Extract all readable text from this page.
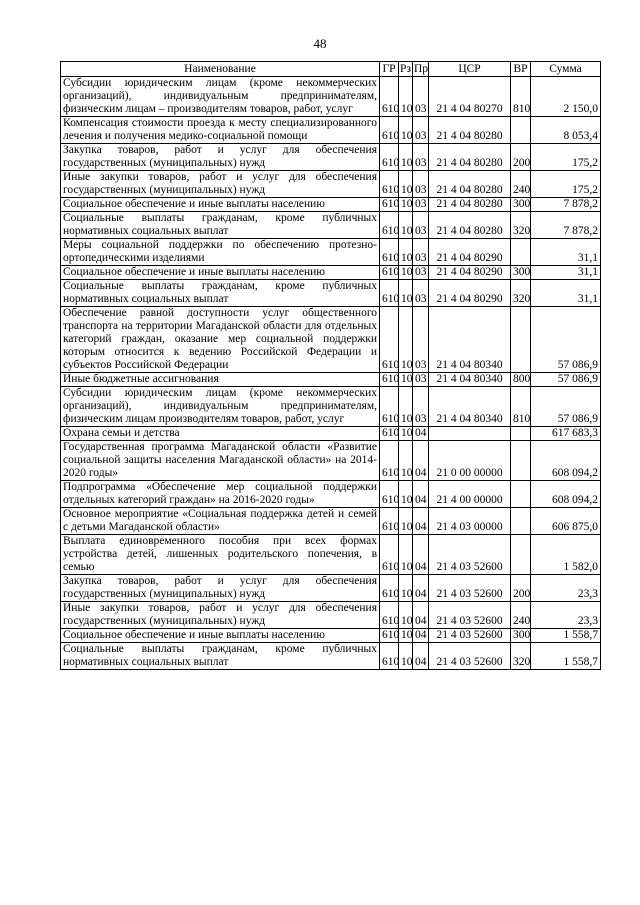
48
Наименование	ГР	Рз	Пр	ЦСР	ВР	Сумма
Субсидии юридическим лицам (кроме некоммерческих организаций), индивидуальным предпринимателям, физическим лицам – производителям товаров, работ, услуг	610	10	03	21 4 04 80270	810	2 150,0
Компенсация стоимости проезда к месту специализированного лечения и получения медико-социальной помощи	610	10	03	21 4 04 80280		8 053,4
Закупка товаров, работ и услуг для обеспечения государственных (муниципальных) нужд	610	10	03	21 4 04 80280	200	175,2
Иные закупки товаров, работ и услуг для обеспечения государственных (муниципальных) нужд	610	10	03	21 4 04 80280	240	175,2
Социальное обеспечение и иные выплаты населению	610	10	03	21 4 04 80280	300	7 878,2
Социальные выплаты гражданам, кроме публичных нормативных социальных выплат	610	10	03	21 4 04 80280	320	7 878,2
Меры социальной поддержки по обеспечению протезно-ортопедическими изделиями	610	10	03	21 4 04 80290		31,1
Социальное обеспечение и иные выплаты населению	610	10	03	21 4 04 80290	300	31,1
Социальные выплаты гражданам, кроме публичных нормативных социальных выплат	610	10	03	21 4 04 80290	320	31,1
Обеспечение равной доступности услуг общественного транспорта на территории Магаданской области для отдельных категорий граждан, оказание мер социальной поддержки которым относится к ведению Российской Федерации и субъектов Российской Федерации	610	10	03	21 4 04 80340		57 086,9
Иные бюджетные ассигнования	610	10	03	21 4 04 80340	800	57 086,9
Субсидии юридическим лицам (кроме некоммерческих организаций), индивидуальным предпринимателям, физическим лицам производителям товаров, работ, услуг	610	10	03	21 4 04 80340	810	57 086,9
Охрана семьи и детства	610	10	04			617 683,3
Государственная программа Магаданской области «Развитие социальной защиты населения Магаданской области» на 2014-2020 годы»	610	10	04	21 0 00 00000		608 094,2
Подпрограмма «Обеспечение мер социальной поддержки отдельных категорий граждан» на 2016-2020 годы»	610	10	04	21 4 00 00000		608 094,2
Основное мероприятие «Социальная поддержка детей и семей с детьми Магаданской области»	610	10	04	21 4 03 00000		606 875,0
Выплата единовременного пособия при всех формах устройства детей, лишенных родительского попечения, в семью	610	10	04	21 4 03 52600		1 582,0
Закупка товаров, работ и услуг для обеспечения государственных (муниципальных) нужд	610	10	04	21 4 03 52600	200	23,3
Иные закупки товаров, работ и услуг для обеспечения государственных (муниципальных) нужд	610	10	04	21 4 03 52600	240	23,3
Социальное обеспечение и иные выплаты населению	610	10	04	21 4 03 52600	300	1 558,7
Социальные выплаты гражданам, кроме публичных нормативных социальных выплат	610	10	04	21 4 03 52600	320	1 558,7
